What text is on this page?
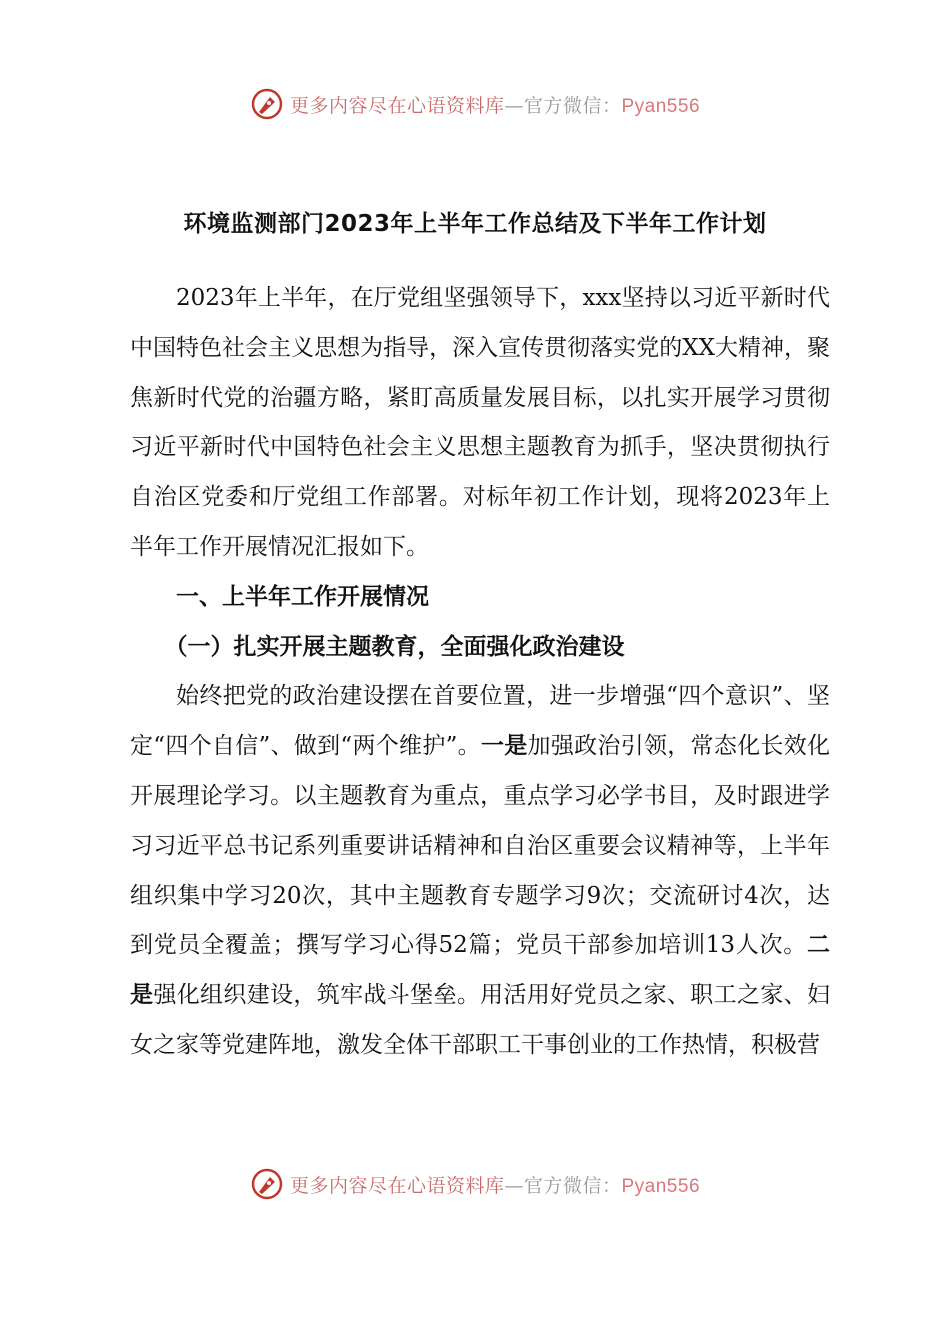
更多内容尽在心语资料库—官方微信：Pyan556
环境监测部门2023年上半年工作总结及下半年工作计划

2023年上半年，在厅党组坚强领导下，xxx坚持以习近平新时代中国特色社会主义思想为指导，深入宣传贯彻落实党的XX大精神，聚焦新时代党的治疆方略，紧盯高质量发展目标，以扎实开展学习贯彻习近平新时代中国特色社会主义思想主题教育为抓手，坚决贯彻执行自治区党委和厅党组工作部署。对标年初工作计划，现将2023年上半年工作开展情况汇报如下。

一、上半年工作开展情况

（一）扎实开展主题教育，全面强化政治建设

始终把党的政治建设摆在首要位置，进一步增强“四个意识”、坚定“四个自信”、做到“两个维护”。一是加强政治引领，常态化长效化开展理论学习。以主题教育为重点，重点学习必学书目，及时跟进学习习近平总书记系列重要讲话精神和自治区重要会议精神等，上半年组织集中学习20次，其中主题教育专题学习9次；交流研讨4次，达到党员全覆盖；撰写学习心得52篇；党员干部参加培训13人次。二是强化组织建设，筑牢战斗堡垒。用活用好党员之家、职工之家、妇女之家等党建阵地，激发全体干部职工干事创业的工作热情，积极营

更多内容尽在心语资料库—官方微信：Pyan556
